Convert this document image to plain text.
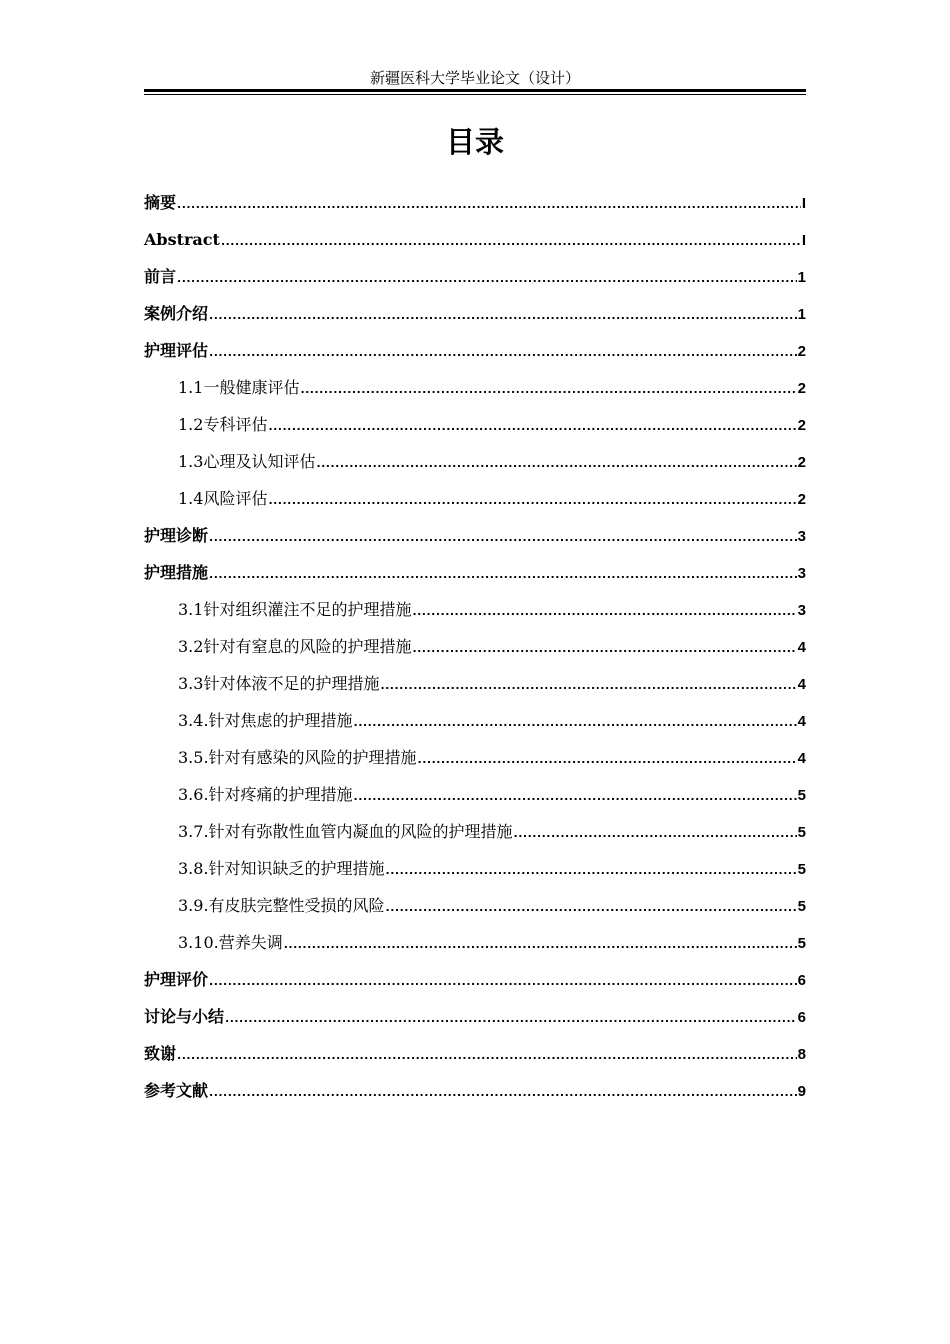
新疆医科大学毕业论文（设计）
目录
摘要 .....	I
Abstract .....	I
前言 .....	1
案例介绍 .....	1
护理评估 .....	2
1.1一般健康评估 .....	2
1.2专科评估 .....	2
1.3心理及认知评估 .....	2
1.4风险评估 .....	2
护理诊断 .....	3
护理措施 .....	3
3.1针对组织灌注不足的护理措施 .....	3
3.2针对有窒息的风险的护理措施 .....	4
3.3针对体液不足的护理措施 .....	4
3.4.针对焦虑的护理措施 .....	4
3.5.针对有感染的风险的护理措施 .....	4
3.6.针对疼痛的护理措施 .....	5
3.7.针对有弥散性血管内凝血的风险的护理措施 .....	5
3.8.针对知识缺乏的护理措施 .....	5
3.9.有皮肤完整性受损的风险 .....	5
3.10.营养失调 .....	5
护理评价 .....	6
讨论与小结 .....	6
致谢 .....	8
参考文献 .....	9
